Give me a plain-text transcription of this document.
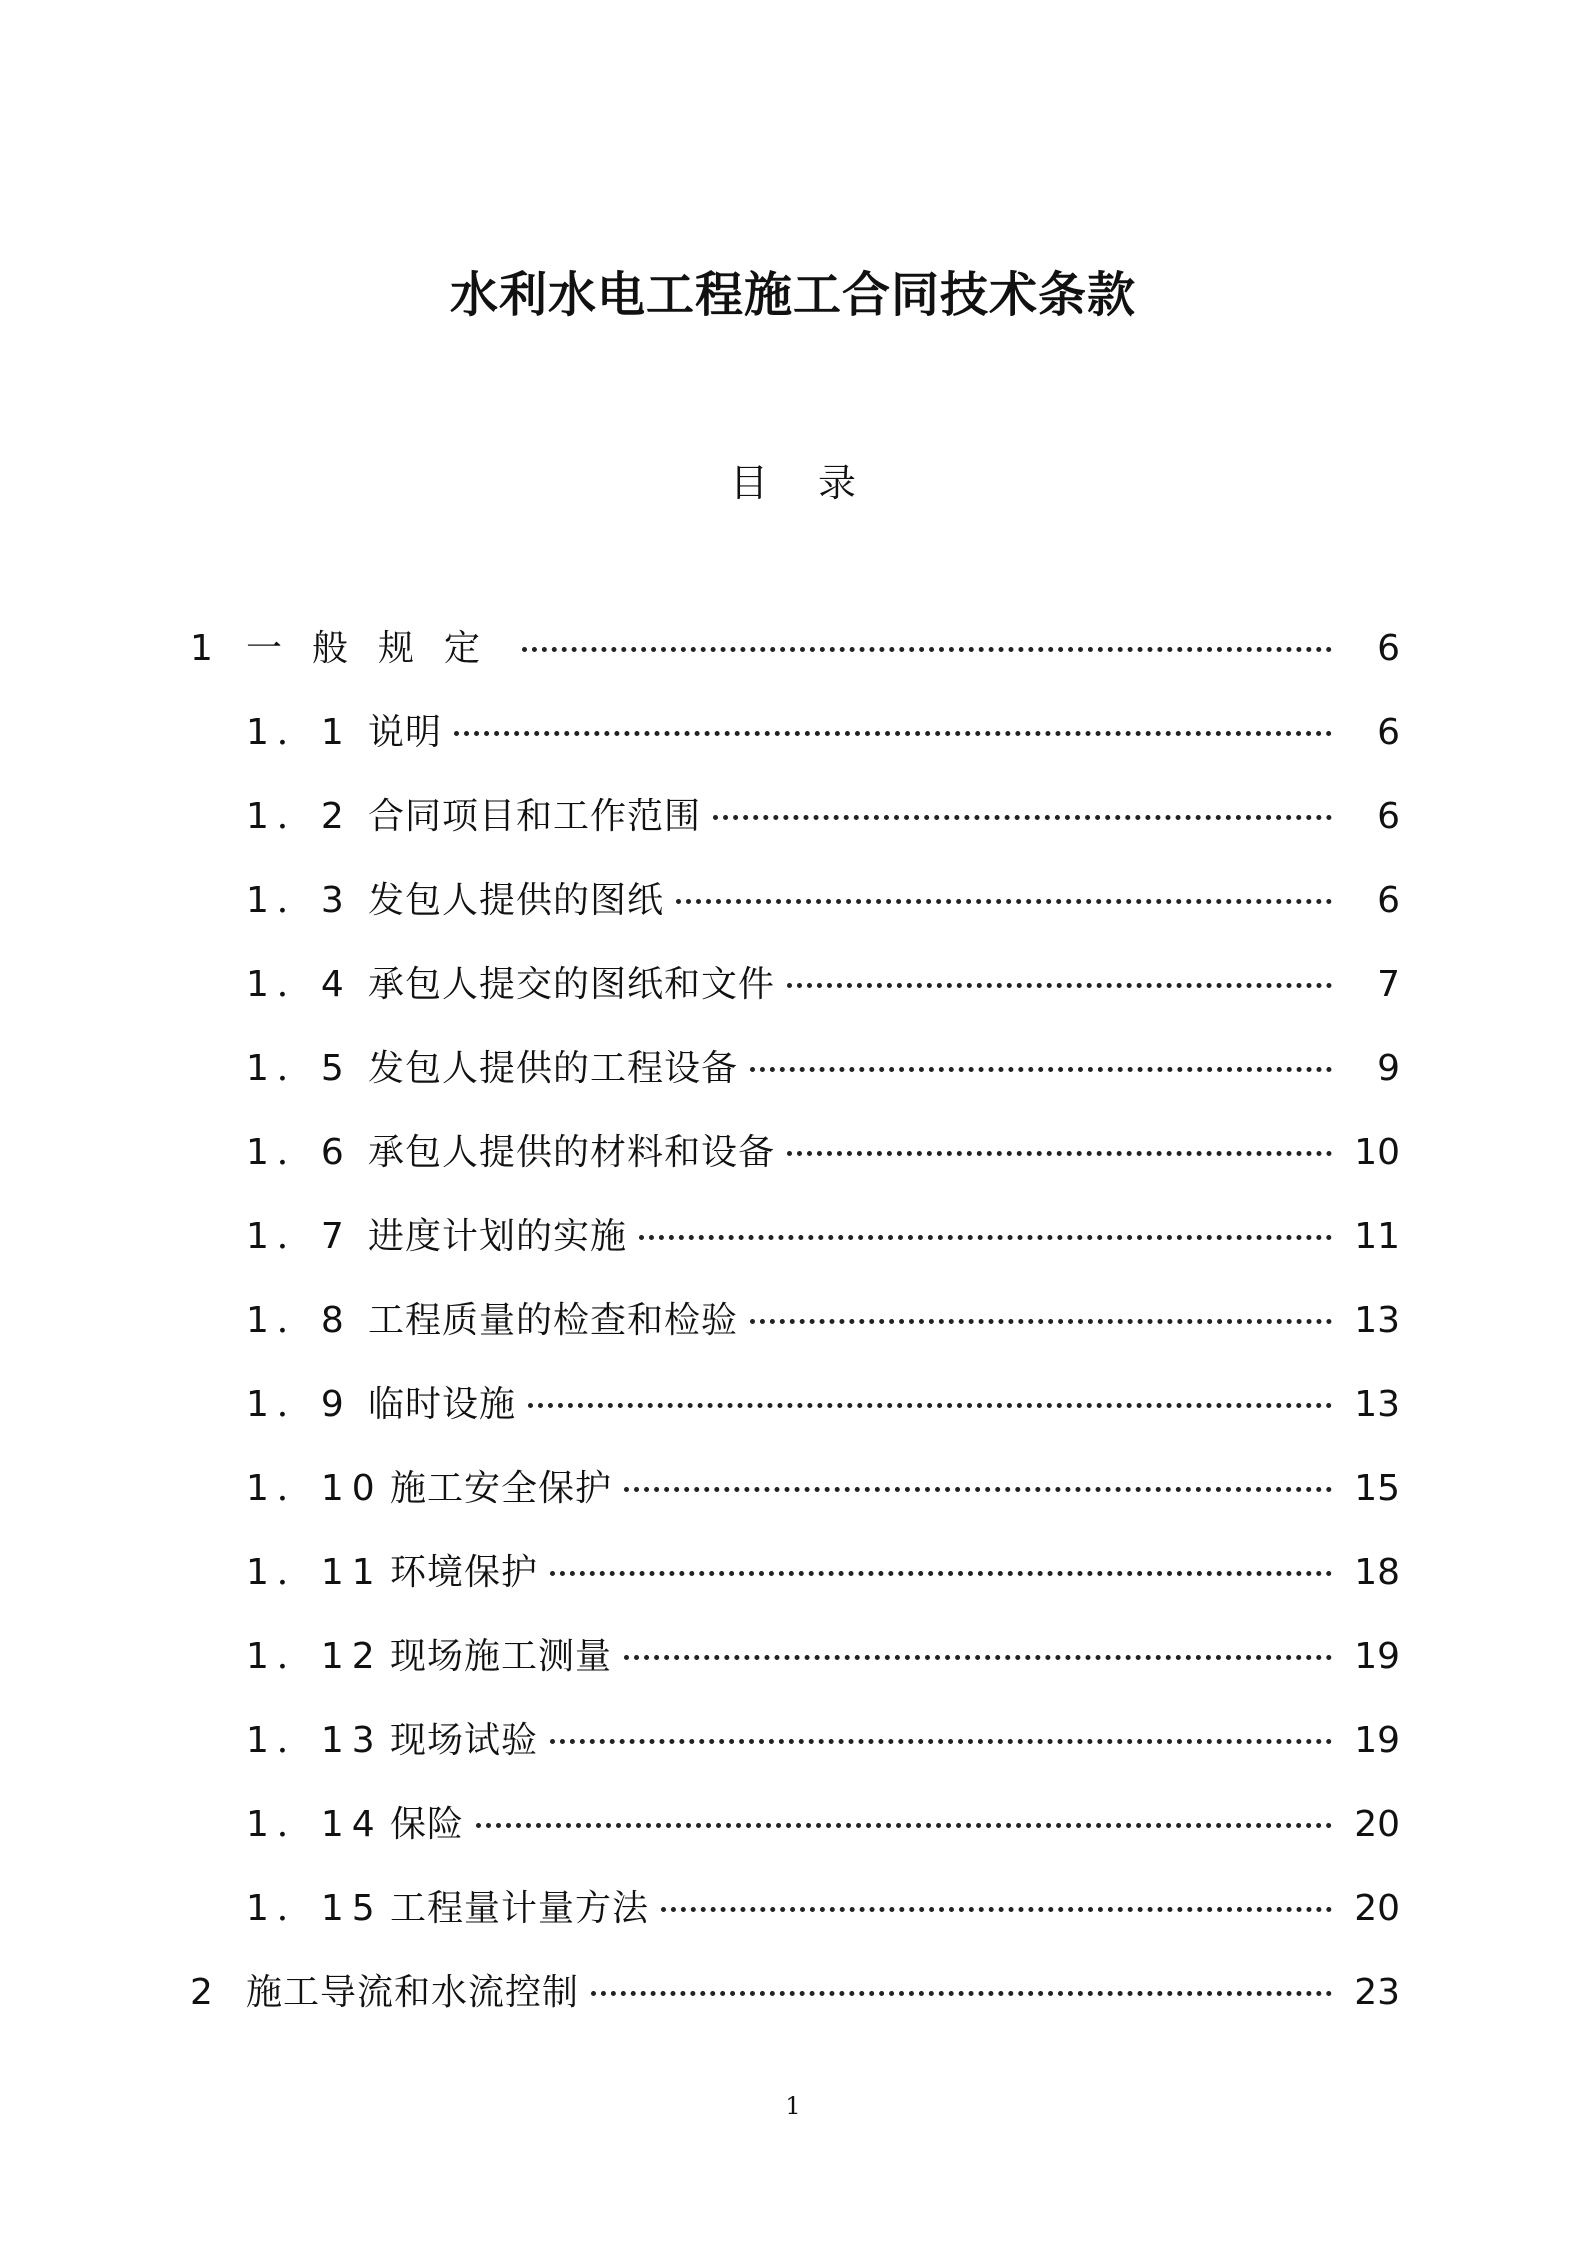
水利水电工程施工合同技术条款
目录
1 一般规定	6
1．1 说明	6
1．2 合同项目和工作范围	6
1．3 发包人提供的图纸	6
1．4 承包人提交的图纸和文件	7
1．5 发包人提供的工程设备	9
1．6 承包人提供的材料和设备	10
1．7 进度计划的实施	11
1．8 工程质量的检查和检验	13
1．9 临时设施	13
1．10 施工安全保护	15
1．11 环境保护	18
1．12 现场施工测量	19
1．13 现场试验	19
1．14 保险	20
1．15 工程量计量方法	20
2 施工导流和水流控制	23
1
